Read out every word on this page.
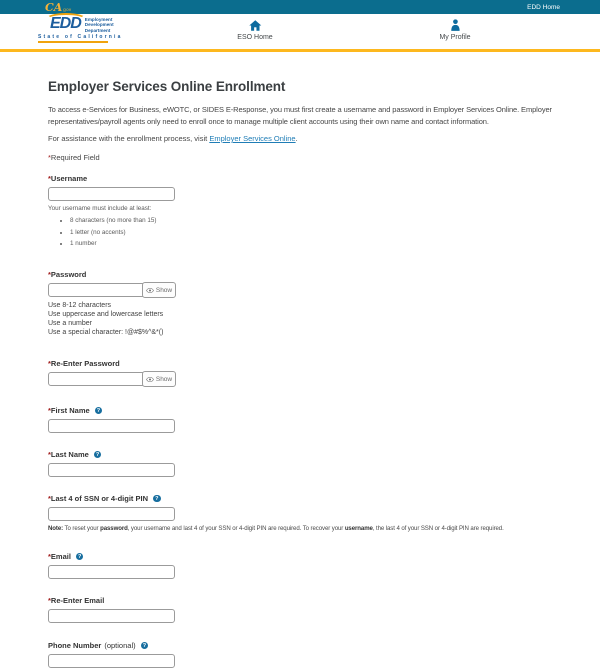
CA gov	EDD Home
EDD Employment
Development
Department
State of California	ESO Home	My Profile
Employer Services Online Enrollment

To access e-Services for Business, eWOTC, or SIDES E-Response, you must first create a username and password in Employer Services Online. Employer representatives/payroll agents only need to enroll once to manage multiple client accounts using their own name and contact information.

For assistance with the enrollment process, visit Employer Services Online.

*Required Field

* Username
Your username must include at least:
• 8 characters (no more than 15)
• 1 letter (no accents)
• 1 number
* Password
Show
Use 8-12 characters
Use uppercase and lowercase letters
Use a number
Use a special character: !@#$%^&*()
* Re-Enter Password
Show
* First Name	?
* Last Name	?
* Last 4 of SSN or 4-digit PIN	?
Note: To reset your password, your username and last 4 of your SSN or 4-digit PIN are required. To recover your username, the last 4 of your SSN or 4-digit PIN are required.
* Email	?
* Re-Enter Email
Phone Number (optional)	?
